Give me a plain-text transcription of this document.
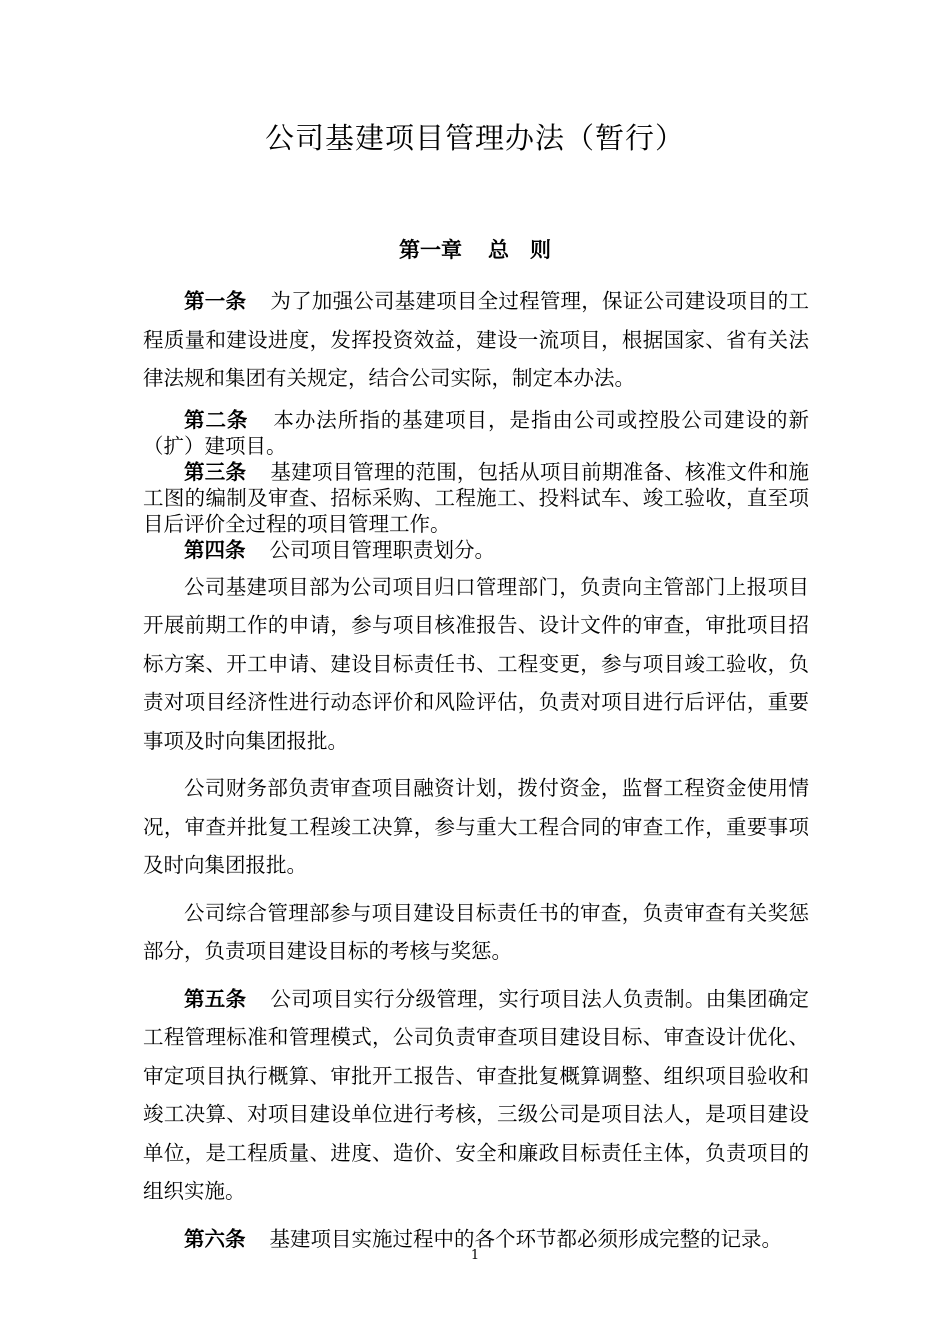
公司基建项目管理办法（暂行）
第一章 总　则

第一条 为了加强公司基建项目全过程管理，保证公司建设项目的工程质量和建设进度，发挥投资效益，建设一流项目，根据国家、省有关法律法规和集团有关规定，结合公司实际，制定本办法。

第二条 本办法所指的基建项目，是指由公司或控股公司建设的新（扩）建项目。

第三条 基建项目管理的范围，包括从项目前期准备、核准文件和施工图的编制及审查、招标采购、工程施工、投料试车、竣工验收，直至项目后评价全过程的项目管理工作。

第四条 公司项目管理职责划分。

公司基建项目部为公司项目归口管理部门，负责向主管部门上报项目开展前期工作的申请，参与项目核准报告、设计文件的审查，审批项目招标方案、开工申请、建设目标责任书、工程变更，参与项目竣工验收，负责对项目经济性进行动态评价和风险评估，负责对项目进行后评估，重要事项及时向集团报批。

公司财务部负责审查项目融资计划，拨付资金，监督工程资金使用情况，审查并批复工程竣工决算，参与重大工程合同的审查工作，重要事项及时向集团报批。

公司综合管理部参与项目建设目标责任书的审查，负责审查有关奖惩部分，负责项目建设目标的考核与奖惩。

第五条 公司项目实行分级管理，实行项目法人负责制。由集团确定工程管理标准和管理模式，公司负责审查项目建设目标、审查设计优化、审定项目执行概算、审批开工报告、审查批复概算调整、组织项目验收和竣工决算、对项目建设单位进行考核，三级公司是项目法人，是项目建设单位，是工程质量、进度、造价、安全和廉政目标责任主体，负责项目的组织实施。

第六条 基建项目实施过程中的各个环节都必须形成完整的记录。

1
